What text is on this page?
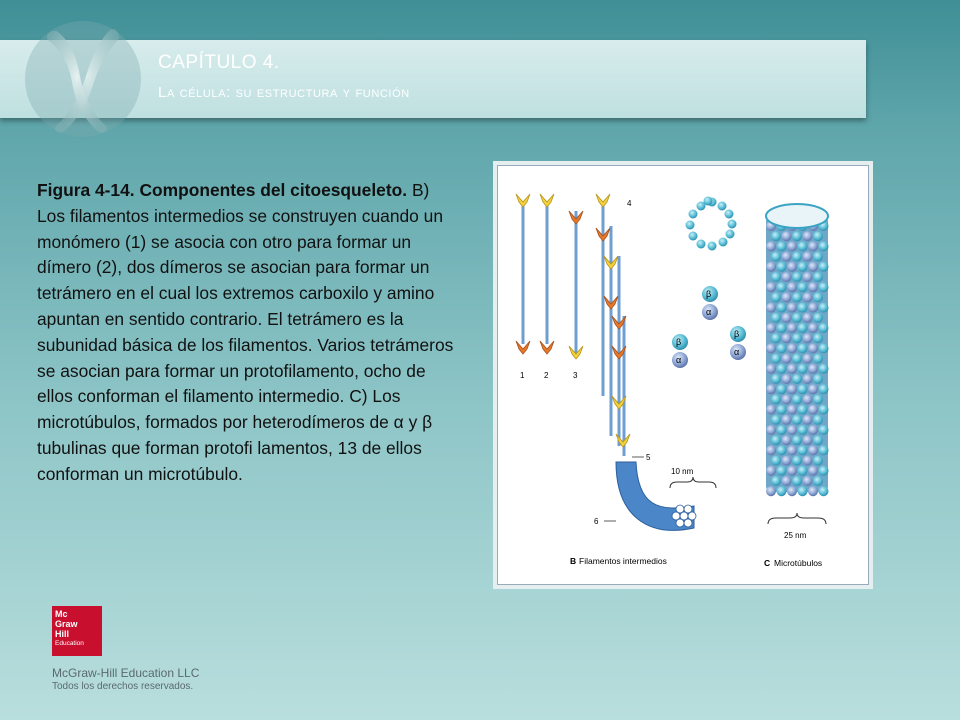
CAPÍTULO 4.
La célula: su estructura y función
Figura 4-14. Componentes del citoesqueleto. B) Los filamentos intermedios se construyen cuando un monómero (1) se asocia con otro para formar un dímero (2), dos dímeros se asocian para formar un tetrámero en el cual los extremos carboxilo y amino apuntan en sentido contrario. El tetrámero es la subunidad básica de los filamentos. Varios tetrámeros se asocian para formar un protofilamento, ocho de ellos conforman el filamento intermedio. C) Los microtúbulos, formados por heterodímeros de α y β tubulinas que forman protofi lamentos, 13 de ellos conforman un microtúbulo.
1 2	3
4
5
6
10 nm
β
α
β
α
β
α
25 nm
B Filamentos intermedios	C Microtúbulos
Mc
Graw
Hill
Education
McGraw-Hill Education LLC
Todos los derechos reservados.
